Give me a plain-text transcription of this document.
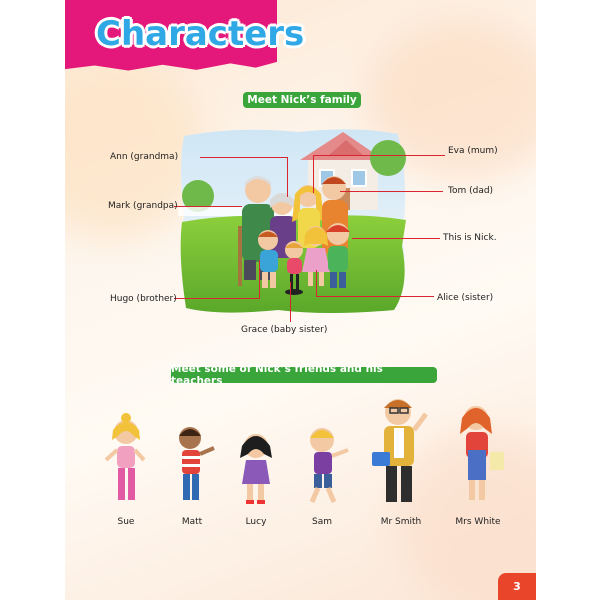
Characters
Meet Nick’s family
Ann (grandma)
Mark (grandpa)
Hugo (brother)
Grace (baby sister)
Eva (mum)
Tom (dad)
This is Nick.
Alice (sister)
Meet some of Nick’s friends and his teachers
Sue	Matt	Lucy	Sam	Mr Smith	Mrs White
3
